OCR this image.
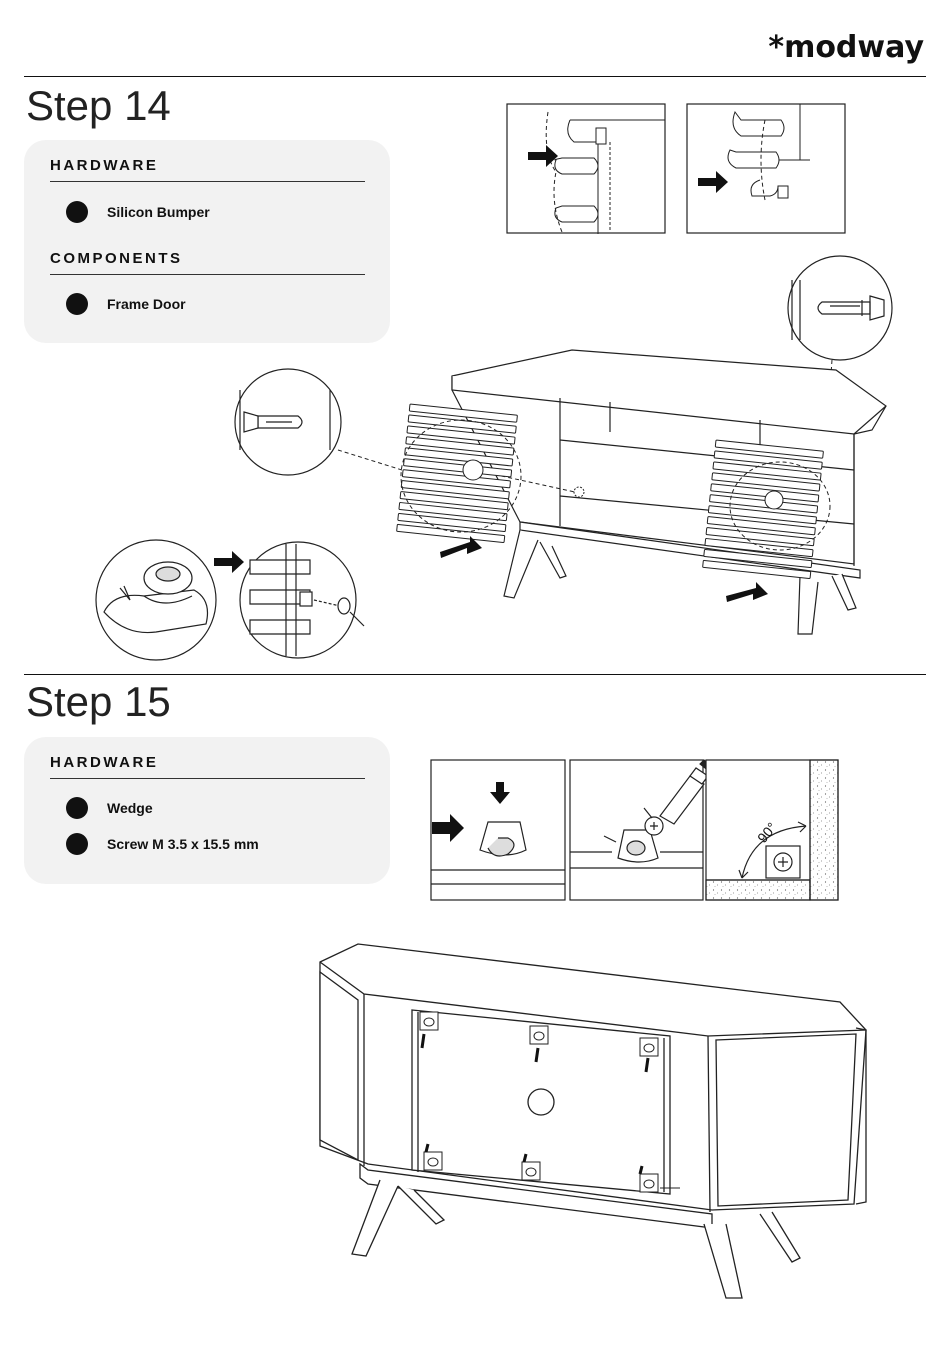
*modway
Step 14
HARDWARE
Silicon Bumper
COMPONENTS
Frame Door
Step 15
HARDWARE
Wedge
Screw M 3.5 x 15.5 mm	90°
